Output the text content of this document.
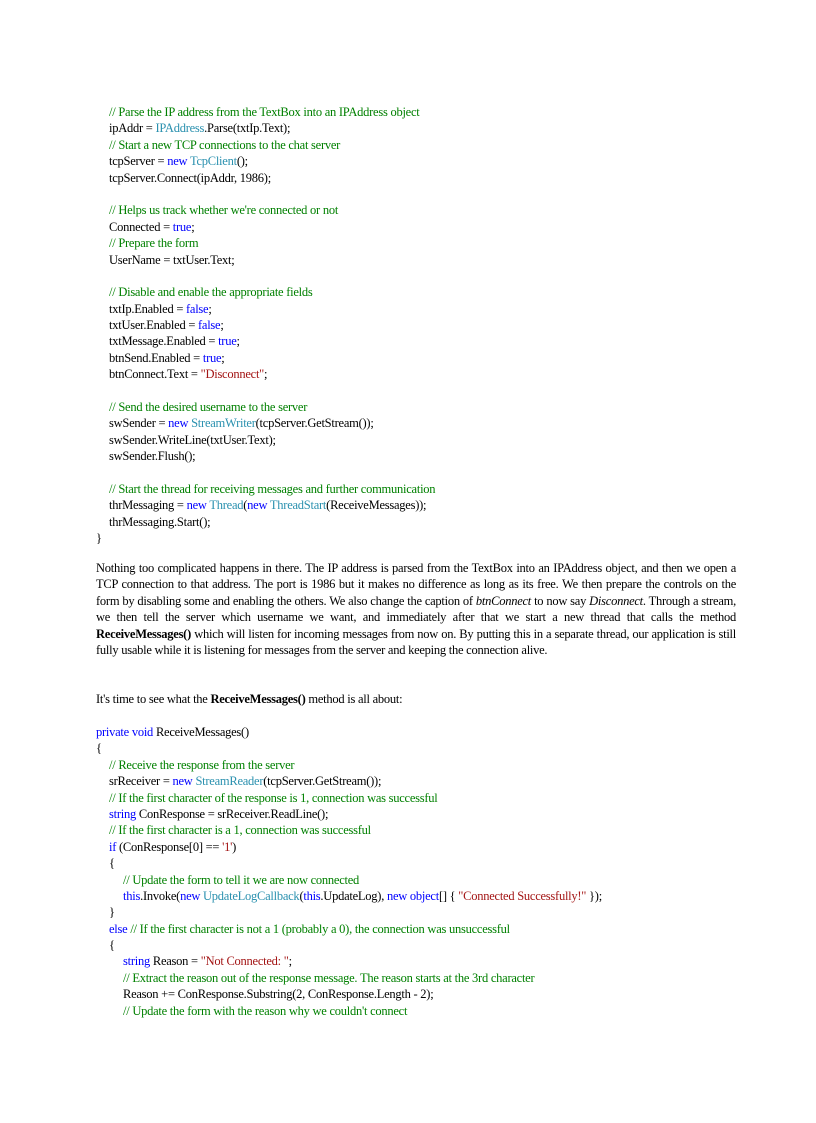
// Parse the IP address from the TextBox into an IPAddress object
ipAddr = IPAddress.Parse(txtIp.Text);
// Start a new TCP connections to the chat server
tcpServer = new TcpClient();
tcpServer.Connect(ipAddr, 1986);
// Helps us track whether we're connected or not
Connected = true;
// Prepare the form
UserName = txtUser.Text;
// Disable and enable the appropriate fields
txtIp.Enabled = false;
txtUser.Enabled = false;
txtMessage.Enabled = true;
btnSend.Enabled = true;
btnConnect.Text = "Disconnect";
// Send the desired username to the server
swSender = new StreamWriter(tcpServer.GetStream());
swSender.WriteLine(txtUser.Text);
swSender.Flush();
// Start the thread for receiving messages and further communication
thrMessaging = new Thread(new ThreadStart(ReceiveMessages));
thrMessaging.Start();
}
Nothing too complicated happens in there. The IP address is parsed from the TextBox into an IPAddress object, and then we open a TCP connection to that address. The port is 1986 but it makes no difference as long as its free. We then prepare the controls on the form by disabling some and enabling the others. We also change the caption of btnConnect to now say Disconnect. Through a stream, we then tell the server which username we want, and immediately after that we start a new thread that calls the method ReceiveMessages() which will listen for incoming messages from now on. By putting this in a separate thread, our application is still fully usable while it is listening for messages from the server and keeping the connection alive.
It's time to see what the ReceiveMessages() method is all about:
private void ReceiveMessages()
{
// Receive the response from the server
srReceiver = new StreamReader(tcpServer.GetStream());
// If the first character of the response is 1, connection was successful
string ConResponse = srReceiver.ReadLine();
// If the first character is a 1, connection was successful
if (ConResponse[0] == '1')
{
// Update the form to tell it we are now connected
this.Invoke(new UpdateLogCallback(this.UpdateLog), new object[] { "Connected Successfully!" });
}
else // If the first character is not a 1 (probably a 0), the connection was unsuccessful
{
string Reason = "Not Connected: ";
// Extract the reason out of the response message. The reason starts at the 3rd character
Reason += ConResponse.Substring(2, ConResponse.Length - 2);
// Update the form with the reason why we couldn't connect
